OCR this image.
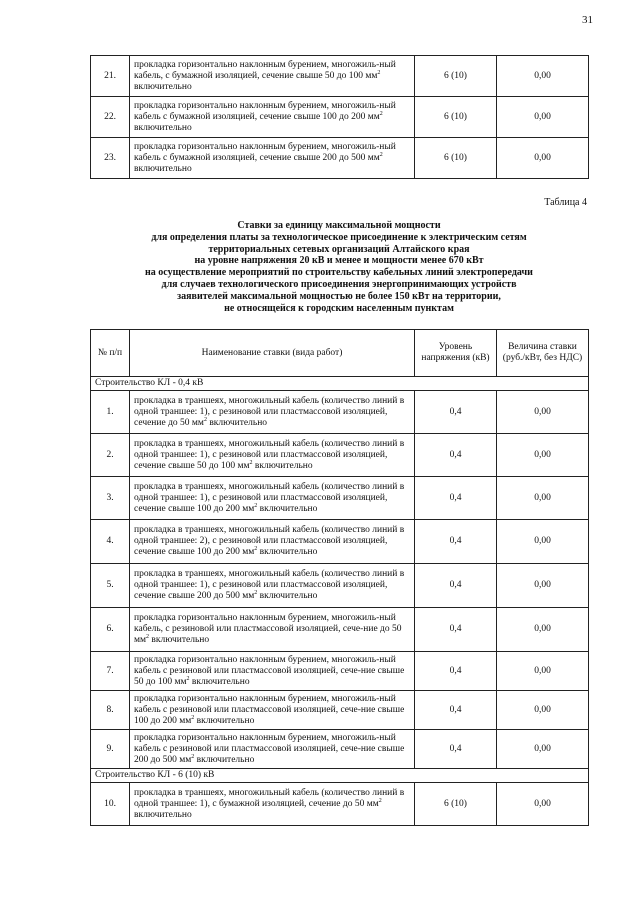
31
21.	прокладка горизонтально наклонным бурением, многожиль-ный кабель, с бумажной изоляцией, сечение свыше 50 до 100 $мм^2$ включительно	6 (10)	0,00
22.	прокладка горизонтально наклонным бурением, многожиль-ный кабель с бумажной изоляцией, сечение свыше 100 до 200 $мм^2$ включительно	6 (10)	0,00
23.	прокладка горизонтально наклонным бурением, многожиль-ный кабель с бумажной изоляцией, сечение свыше 200 до 500 $мм^2$ включительно	6 (10)	0,00
Таблица 4
Ставки за единицу максимальной мощности
для определения платы за технологическое присоединение к электрическим сетям
территориальных сетевых организаций Алтайского края
на уровне напряжения 20 кВ и менее и мощности менее 670 кВт
на осуществление мероприятий по строительству кабельных линий электропередачи
для случаев технологического присоединения энергопринимающих устройств
заявителей максимальной мощностью не более 150 кВт на территории,
не относящейся к городским населенным пунктам
№ п/п	Наименование ставки (вида работ)	Уровень напряжения (кВ)	Величина ставки (руб./кВт, без НДС)
Строительство КЛ - 0,4 кВ			
1.	прокладка в траншеях, многожильный кабель (количество линий в одной траншее: 1), с резиновой или пластмассовой изоляцией, сечение до 50 $мм^2$ включительно	0,4	0,00
2.	прокладка в траншеях, многожильный кабель (количество линий в одной траншее: 1), с резиновой или пластмассовой изоляцией, сечение свыше 50 до 100 $мм^2$ включительно	0,4	0,00
3.	прокладка в траншеях, многожильный кабель (количество линий в одной траншее: 1), с резиновой или пластмассовой изоляцией, сечение свыше 100 до 200 $мм^2$ включительно	0,4	0,00
4.	прокладка в траншеях, многожильный кабель (количество линий в одной траншее: 2), с резиновой или пластмассовой изоляцией, сечение свыше 100 до 200 $мм^2$ включительно	0,4	0,00
5.	прокладка в траншеях, многожильный кабель (количество линий в одной траншее: 1), с резиновой или пластмассовой изоляцией, сечение свыше 200 до 500 $мм^2$ включительно	0,4	0,00
6.	прокладка горизонтально наклонным бурением, многожиль-ный кабель, с резиновой или пластмассовой изоляцией, сече-ние до 50 $мм^2$ включительно	0,4	0,00
7.	прокладка горизонтально наклонным бурением, многожиль-ный кабель с резиновой или пластмассовой изоляцией, сече-ние свыше 50 до 100 $мм^2$ включительно	0,4	0,00
8.	прокладка горизонтально наклонным бурением, многожиль-ный кабель с резиновой или пластмассовой изоляцией, сече-ние свыше 100 до 200 $мм^2$ включительно	0,4	0,00
9.	прокладка горизонтально наклонным бурением, многожиль-ный кабель с резиновой или пластмассовой изоляцией, сече-ние свыше 200 до 500 $мм^2$ включительно	0,4	0,00
Строительство КЛ - 6 (10) кВ			
10.	прокладка в траншеях, многожильный кабель (количество линий в одной траншее: 1), с бумажной изоляцией, сечение до 50 $мм^2$ включительно	6 (10)	0,00
